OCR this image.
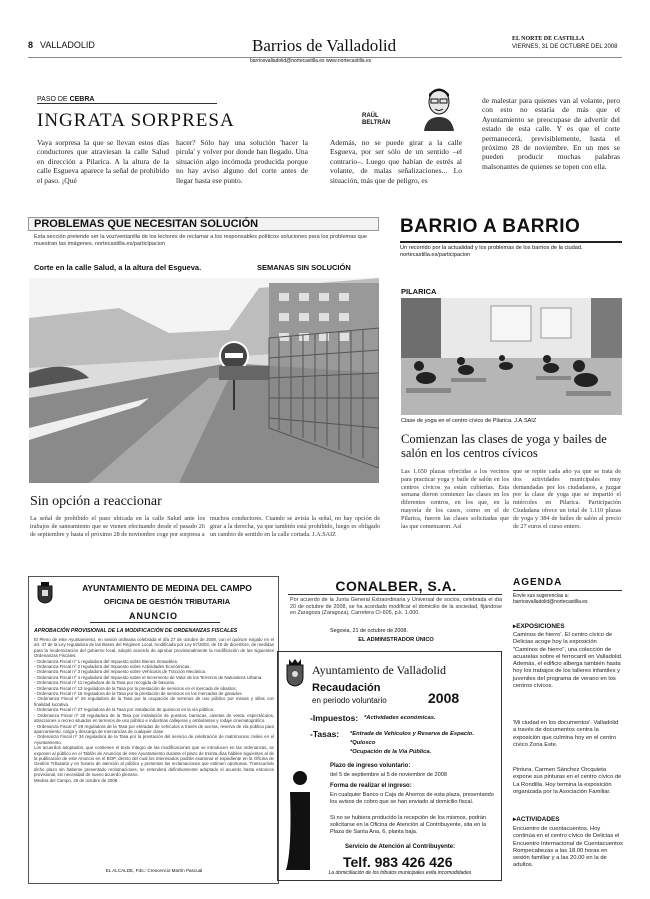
8 VALLADOLID	Barrios de Valladolid
barriosvalladolid@nortecastilla.es www.nortecastilla.es
EL NORTE DE CASTILLA
VIERNES, 31 DE OCTUBRE DEL 2008
PASO DE CEBRA
INGRATA SORPRESA	RAÚL
BELTRÁN
Vaya sorpresa la que se llevan estos días conductores que atraviesan la calle Salud en dirección a Pilarica. A la altura de la calle Esgueva aparece la señal de prohibido el paso. ¡Qué
hacer? Sólo hay una solución 'hacer la pirula' y volver por donde han llegado. Una situación algo incómoda producida porque no hay aviso alguno del corte antes de llegar hasta ese punto.
Además, no se puede girar a la calle Esgueva, por ser sólo de un sentido –el contrario–. Luego que habían de estrés al volante, de malas señalizaciones... Lo situación, más que de peligro, es
de malestar para quienes van al volante, pero con esto no estaría de más que el Ayuntamiento se preocupase de advertir del estado de esta calle. Y es que el corte permanecerá, previsiblemente, hasta el próximo 28 de noviembre. En un mes se pueden producir muchas palabras malsonantes de quienes se topen con ella.
PROBLEMAS QUE NECESITAN SOLUCIÓN
Esta sección pretende ser la voz/ventanilla de los lectores de reclamar a los responsables políticos soluciones para los problemas que muestran las imágenes. nortecastilla.es/participacion
Corte en la calle Salud, a la altura del Esgueva.	SEMANAS SIN SOLUCIÓN
Sin opción a reaccionar
La señal de prohibido el paso ubicada en la calle Salud ante los trabajos de saneamiento que se vienen efectuando desde el pasado 26 de septiembre y hasta el próximo 28 de noviembre coge por sorpresa a
muchos conductores. Cuando se avista la señal, no hay opción de girar a la derecha, ya que también está prohibido, luego es obligado un cambio de sentido en la calle cortada. J.A.SAIZ
BARRIO A BARRIO
Un recorrido por la actualidad y los problemas de los barrios de la ciudad. nortecastilla.es/participacion
PILARICA
Clase de yoga en el centro cívico de Pilarica. J.A.SAIZ
Comienzan las clases de yoga y bailes de salón en los centros cívicos
Las 1.650 plazas ofrecidas a los vecinos para practicar yoga y baile de salón en los centros cívicos ya están cubiertas. Esta semana dieron comienzo las clases en los diferentes centros, en los que, en la mayoría de los casos, como en el de Pilarica, fueron las clases solicitadas que las que comenzaron. Así
que se repite cada año ya que se trata de dos actividades municipales muy demandadas por los ciudadanos, a juzgar por la clase de yoga que se impartió el miércoles en Pilarica. Participación Ciudadana ofrece un total de 1.110 plazas de yoga y 384 de bailes de salón al precio de 27 euros el curso entero.
AYUNTAMIENTO DE MEDINA DEL CAMPO
OFICINA DE GESTIÓN TRIBUTARIA
ANUNCIO
APROBACIÓN PROVISIONAL DE LA MODIFICACIÓN DE ORDENANZAS FISCALES
El Pleno de este Ayuntamiento, en sesión ordinaria celebrada el día 27 de octubre de 2008, con el quórum exigido en el art. 47 de la Ley reguladora de las Bases del Régimen Local, modificada por Ley 57/2003, de 16 de diciembre, de medidas para la modernización del gobierno local, adoptó acuerdo de aprobar provisionalmente la modificación de las siguientes Ordenanzas Fiscales:
- Ordenanza Fiscal nº 1 reguladora del Impuesto sobre Bienes Inmuebles.
- Ordenanza Fiscal nº 2 reguladora del Impuesto sobre Actividades Económicas.
- Ordenanza Fiscal nº 3 reguladora del Impuesto sobre Vehículos de Tracción Mecánica.
- Ordenanza Fiscal nº 4 reguladora del Impuesto sobre el Incremento de Valor de los Terrenos de Naturaleza Urbana.
- Ordenanza Fiscal nº 11 reguladora de la Tasa por recogida de basuras.
- Ordenanza Fiscal nº 13 reguladora de la Tasa por la prestación de servicios en el mercado de abastos.
- Ordenanza Fiscal nº 16 reguladora de la Tasa por la prestación de servicios en los mercados de ganados.
- Ordenanza Fiscal nº 26 reguladora de la Tasa por la ocupación de terrenos de uso público por mesas y sillas con finalidad lucrativa.
- Ordenanza Fiscal nº 27 reguladora de la Tasa por instalación de quioscos en la vía pública.
- Ordenanza Fiscal nº 28 reguladora de la Tasa por instalación de puestos, barracas, casetas de venta, espectáculos, atracciones o recreo situados en terrenos de uso público e industrias callejeras y ambulantes y rodaje cinematográfico.
- Ordenanza Fiscal nº 29 reguladora de la Tasa por entradas de vehículos a través de aceras, reserva de vía pública para aparcamiento, carga y descarga de mercancías de cualquier clase.
- Ordenanza Fiscal nº 34 reguladora de la Tasa por la prestación del servicio de celebración de matrimonios civiles en el Ayuntamiento.
Los acuerdos adoptados, que contienen el texto íntegro de las modificaciones que se introducen en las ordenanzas, se exponen al público en el Tablón de Anuncios de este Ayuntamiento durante el plazo de treinta días hábiles siguientes al de la publicación de este Anuncio en el BOP, dentro del cual los interesados podrán examinar el expediente en la Oficina de Gestión Tributaria y en horario de atención al público y presentar las reclamaciones que estimen oportunas. Transcurrido dicho plazo sin haberse presentado reclamaciones, se entenderá definitivamente adoptado el acuerdo hasta entonces provisional, sin necesidad de nuevo acuerdo plenario.
Medina del Campo, 29 de octubre de 2008.
EL ALCALDE, Fdo.: Crescencio Martín Pascual
CONALBER, S.A.
Por acuerdo de la Junta General Extraordinaria y Universal de socios, celebrada el día 20 de octubre de 2008, se ha acordado modificar el domicilio de la sociedad, fijándose en Zaragoza (Zaragoza), Carretera CI-605, p.k. 1.000.
Segovia, 21 de octubre de 2008.
EL ADMINISTRADOR ÚNICO
Ayuntamiento de Valladolid
Recaudación
en periodo voluntario	2008
-Impuestos: *Actividades económicas.
-Tasas: *Entrada de Vehículos y Reserva de Espacio.
*Quiosco
*Ocupación de la Vía Pública.
Plazo de ingreso voluntario:
del 5 de septiembre al 5 de noviembre de 2008
Forma de realizar el ingreso:
En cualquier Banco o Caja de Ahorros de esta plaza, presentando los avisos de cobro que se han enviado al domicilio fiscal.
Si no se hubiera producido la recepción de los mismos, podrán solicitarse en la Oficina de Atención al Contribuyente, sita en la Plaza de Santa Ana, 6, planta baja.
Servicio de Atención al Contribuyente:
Telf. 983 426 426
La domiciliación de los tributos municipales evita incomodidades
AGENDA
Envíe sus sugerencias a: barriosvalladolid@nortecastilla.es
▸EXPOSICIONES
Caminos de hierro'. El centro cívico de Delicias acoge hoy la exposición "Caminos de hierro", una colección de acuarelas sobre el ferrocarril en Valladolid. Además, el edificio alberga también hasta hoy los trabajos de los talleres infantiles y juveniles del programa de verano en los centros cívicos.
'Mi ciudad en los documentos'. Valladolid a través de documentos centra la exposición que culmina hoy en el centro cívico Zona Este.
Pintura. Carmen Sánchez Orcquieta expone sus pinturas en el centro cívico de La Rondilla. Hoy termina la exposición organizada por la Asociación Familiar.
▸ACTIVIDADES
Encuentro de cuentacuentos. Hoy continúa en el centro cívico de Delicias el Encuentro Internacional de Cuentacuentos Rompecabezas a las 18.00 horas en sesión familiar y a las 20.00 en la de adultos.
